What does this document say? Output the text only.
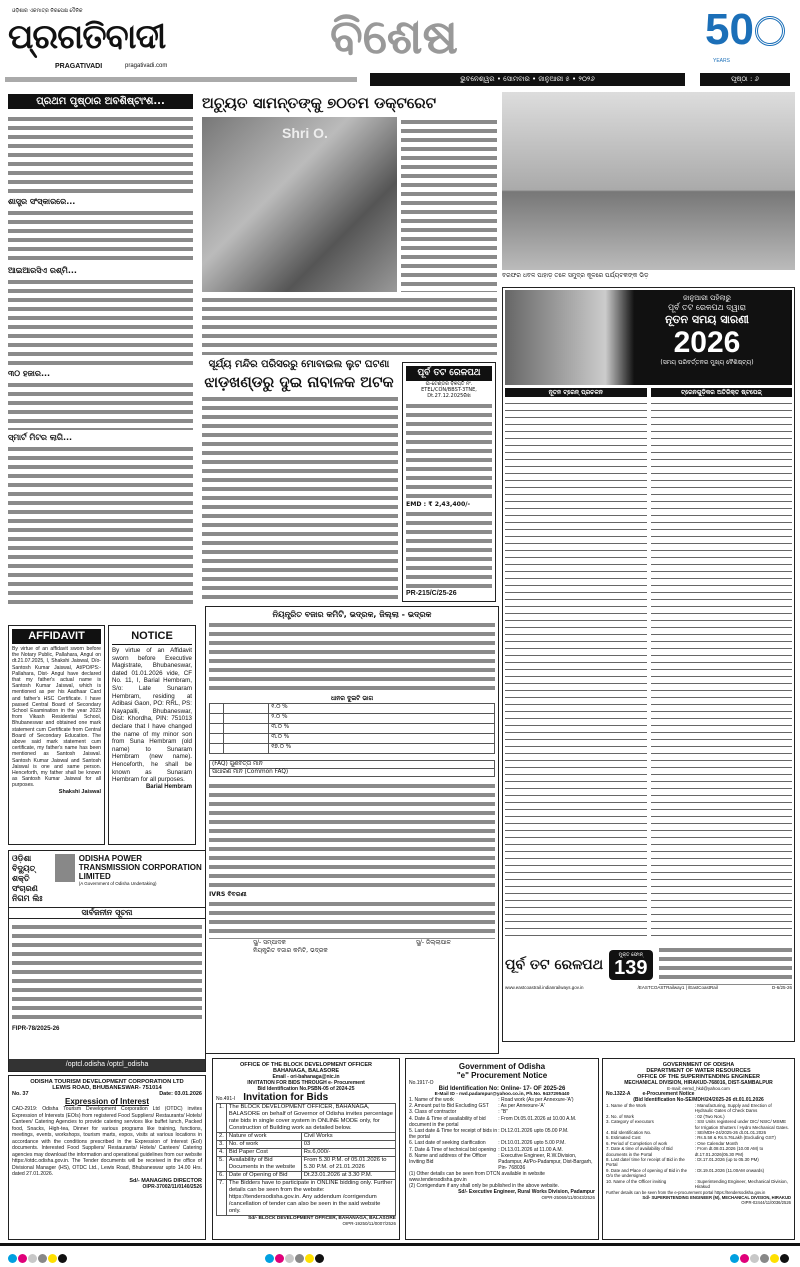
ଓଡ଼ିଶାର ଏକମାତ୍ର ନିରପେକ୍ଷ ଦୈନିକ
ପ୍ରଗତିବାଦୀ
PRAGATIVADI	pragativadi.com
ବିଶେଷ	50
YEARS
ଭୁବନେଶ୍ୱର • ସୋମବାର • ଜାନୁଆରୀ ୫ • ୨୦୨୬	ପୃଷ୍ଠା : ୬
ପ୍ରଥମ ପୃଷ୍ଠାର ଅବଶିଷ୍ଟାଂଶ...
ଶାସ୍ତ୍ର ସଂସ୍କାରରେ...
ଆଇଆରସିଏ ରଶ୍ମି...
୩୦ ହଜାର...
ସ୍ମାର୍ଟ ମିଟର ଲାଗି...
ଅଚ୍ୟୁତ ସାମନ୍ତଙ୍କୁ ୭୦ତମ ଡକ୍ଟରେଟ
Shri O.
ବରଫର ଧବଳ ପାହାଡ଼ ତଳେ ସମୁଦ୍ର କୂଳରେ ପର୍ଯ୍ୟଟକଙ୍କ ଭିଡ଼
ସୂର୍ଯ୍ୟ ମନ୍ଦିର ପରିସରରୁ ମୋବାଇଲ ଲୁଟ ଘଟଣା
ଝାଡ଼ଖଣ୍ଡରୁ ଦୁଇ ନାବାଳକ ଅଟକ	ପୂର୍ବ ତଟ ରେଳପଥ
ଇ-ଟେଣ୍ଡର ବିଜ୍ଞପ୍ତି ନଂ. ETEL/CON/BBST-3TNE, Dt.27.12.2025ରିଖ
EMD : ₹ 2,43,400/-
PR-215/C/25-26
AFFIDAVIT
By virtue of an affidavit sworn before the Notary Public, Pallahara, Angul on dt.21.07.2025, I, Shakshi Jaiswal, D/o-Santosh Kumar Jaiswal, At/PO/PS:- Pallahara, Dist- Angul have declared that my father's actual name is Santosh Kumar Jaiswal, which is mentioned as per his Aadhaar Card and father's HSC Certificate. I have passed Central Board of Secondary School Examination in the year 2023 from Vikash Residential School, Bhubaneswar and obtained one mark statement cum Certificate from Central Board of Secondary Education. The above said mark statement cum certificate, my father's name has been mentioned as Santosh Jaiswal. Santosh Kumar Jaiswal and Santosh Jaiswal is one and same person. Henceforth, my father shall be known as Santosh Kumar Jaiswal for all purposes.
Shakshi Jaiswal
NOTICE
By virtue of an Affidavit sworn before Executive Magistrate, Bhubaneswar, dated 01.01.2026 vide, CF No. 11, I, Barial Hembram, S/o: Late Sunaram Hembram, residing at Adibasi Gaon, PO: RRL, PS: Nayapalli, Bhubaneswar, Dist: Khordha, PIN: 751013 declare that I have changed the name of my minor son from Suna Hembram (old name) to Sunaram Hembram (new name). Henceforth, he shall be known as Sunaram Hembram for all purposes.
Barial Hembram
ଓଡ଼ିଶା ବିଦ୍ୟୁତ୍ ଶକ୍ତି ସଂଚାରଣ ନିଗମ ଲିଃ
ODISHA POWER TRANSMISSION CORPORATION LIMITED
(A Government of Odisha Undertaking)
ସାର୍ବଜନୀନ ସୂଚନା
FIPR-78/2025-26
/optcl.odisha /optcl_odisha
ନିୟନ୍ତ୍ରିତ ବଜାର କମିଟି, ଭଦ୍ରକ, ଜିଲ୍ଲା - ଭଦ୍ରକ
ଧାନର ଦୁଇଟି ଭାଗ
		୧.୦ %
		୨.୦ %
		୩.୦ %
		୩.୦ %
		୧୭.୦ %
(FAQ) ଗୁଣବତ୍ତା ମାନ
ସାଧାରଣ ମାନ (Common FAQ)
IVRS ବିବରଣୀ
ସୁ/- ସମ୍ପାଦକ
ନିୟନ୍ତ୍ରିତ ବଜାର କମିଟି, ଭଦ୍ରକ
ସୁ/- ଜିଲ୍ଲାପାଳ
ଜାନୁଆରୀ ପହିଲାରୁ
ପୂର୍ବ ତଟ ରେଳପଥ ଦ୍ୱାରା
ନୂତନ ସମୟ ସାରଣୀ
2026
(ସମୟ ପରିବର୍ତ୍ତନର ମୁଖ୍ୟ ବୈଶିଷ୍ଟ୍ୟ)
ନୂତନ ଟ୍ରେନ୍ ପ୍ରଚଳନ	ଟ୍ରେନଗୁଡ଼ିକର ଅତିରିକ୍ତ ଷ୍ଟପେଜ୍
ପୂର୍ବ ତଟ ରେଳପଥ
ମୁକ୍ତ ଫୋନ୍
139
www.eastcoastrail.indianrailways.gov.in	/EASTCOASTRailway1 | /EastCoastRail	D-6/25-26
ODISHA TOURISM DEVELOPMENT CORPORATION LTD
LEWIS ROAD, BHUBANESWAR- 751014
No. 37	Date: 03.01.2026
Expression of Interest
CAD-2919: Odisha Tourism Development Corporation Ltd (OTDC) invites Expression of Interests (EOIs) from registered Food Suppliers/ Restaurants/ Hotels/ Canteen/ Catering Agencies to provide catering services like buffet lunch, Packed food, Snacks, High-tea, Dinner for various programs like training, functions, meetings, events, workshops, tourism marts, expos, visits at various locations in accordance with the conditions prescribed in the Expression of Interest (EoI) documents. Interested Food Suppliers/ Restaurants/ Hotels/ Canteen/ Catering agencies may download the information and operational guidelines from our website https://otdc.odisha.gov.in. The Tender documents will be received in the office of Divisional Manager (HS), OTDC Ltd., Lewis Road, Bhubaneswar upto 14.00 Hrs. dated 27.01.2026.
Sd/- MANAGING DIRECTOR
OIPR-37002/11/0140/2526
OFFICE OF THE BLOCK DEVELOPMENT OFFICER
BAHANAGA, BALASORE
Email - ori-bahanaga@nic.in
INVITATION FOR BIDS THROUGH e- Procurement
Bid Identification No.PSBN-05 of 2024-25
No.491-I Invitation for Bids
1.	The BLOCK DEVELOPMENT OFFICER, BAHANAGA, BALASORE on behalf of Governor of Odisha invites percentage rate bids in single cover system in ONLINE MODE only, for Construction of Building work as detailed below.	
2.	Nature of work	Civil Works
3.	No. of work	03
4.	Bid Paper Cost	Rs.6,000/-
5.	Availability of Bid Documents in the website	From 5.30 P.M. of 05.01.2026 to 5.30 P.M. of 21.01.2026
6.	Date of Opening of Bid	Dt.23.01.2026 at 3.30 P.M.
7.	The Bidders have to participate in ONLINE bidding only. Further details can be seen from the website: https://tendersodisha.gov.in. Any addendum /corrigendum /cancellation of tender can also be seen in the said website only.	
Sd/- BLOCK DEVELOPMENT OFFICER, BAHANAGA, BALASORE
OIPR-19250/11/0007/2526
Government of Odisha
"e" Procurement Notice
No.1917-O
Bid Identification No: Online- 17- OF 2025-26
E-Mail ID - rwd.padampur@yahoo.co.in, Ph.No. 9437295440
1. Name of the work	: Road work (As per Annexure-'A')
2. Amount put to Bid Excluding GST	: As per Annexure-'A'
3. Class of contractor	: "B"
4. Date & Time of availability of bid document in the portal
: From Dt.05.01.2026 at 10.00 A.M.
5. Last date & Time for receipt of bids in the portal
: Dt.12.01.2026 upto 05.00 P.M.
6. Last date of seeking clarification	: Dt.10.01.2026 upto 5.00 P.M.
7. Date & Time of technical bid opening : Dt.13.01.2026 at 11.00 A.M.
8. Name and address of the Officer Inviting Bid
: Executive Engineer, R.W.Division, Padampur, At/Po-Padampur, Dist-Bargarh, Pin- 768036
(1) Other details can be seen from DTCN available in website www.tendersodisha.gov.in
(2) Corrigendum if any shall only be published in the above website.
Sd/- Executive Engineer, Rural Works Division, Padampur
OIPR-25069/11/0043/2526
GOVERNMENT OF ODISHA
DEPARTMENT OF WATER RESOURCES
OFFICE OF THE SUPERINTENDING ENGINEER
MECHANICAL DIVISION, HIRAKUD-768016, DIST-SAMBALPUR
E-mail: eemd_hkd@yahoo.com
No.1322-A e-Procurement Notice
(Bid Identification No-SE/MDH/24/2025-26 dt.01.01.2026
1. Name of the Work	: Manufacturing, Supply and Erection of Hydraulic Gates of Check Dams
2. No. of Work	: 02 (Two Nos.)
3. Category of executors	: SSI Units registered under DIC/ NSIC/ MSME for Irrigation Shutters / Hydro Mechanical Gates.
4. Bid Identification No.	: SE/MDH-24/2025-26 dt.01.01.2026
5. Estimated Cost	: Rs.5.58 & Rs.5.76Lakh (Excluding GST)
6. Period of Completion of work	: One Calendar Month
7. Date & time of availability of Bid documents in the Portal
: From dt.08.01.2026 (10.00 AM) to dt.17.01.2026(05.30 PM)
8. Last date/ time for receipt of Bid in the Portal
: Dt.17.01.2026 (up to 05.30 PM)
9. Date and Place of opening of Bid in the O/o the undersigned
: Dt.19.01.2026 (11.00AM onwards)
10. Name of the Officer inviting	: Superintending Engineer, Mechanical Division, Hirakud
Further details can be seen from the e-procurement portal https://tendersodisha.gov.in
Sd/- SUPERINTENDING ENGINEER (M), MECHANICAL DIVISION, HIRAKUD
OIPR-02444/11/0036/2526
